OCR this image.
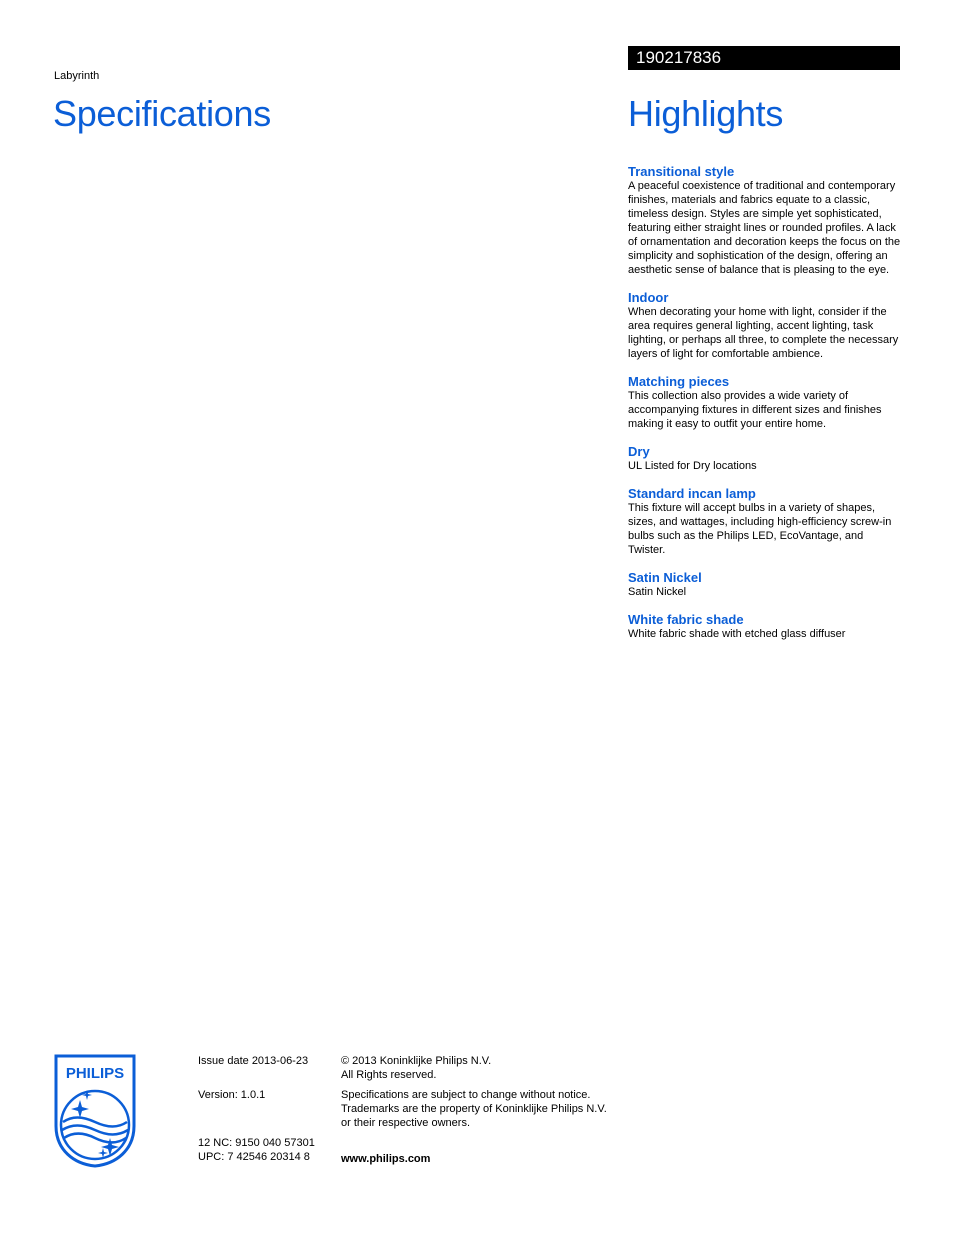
Labyrinth
Specifications
190217836
Highlights
Transitional style
A peaceful coexistence of traditional and contemporary finishes, materials and fabrics equate to a classic, timeless design. Styles are simple yet sophisticated, featuring either straight lines or rounded profiles. A lack of ornamentation and decoration keeps the focus on the simplicity and sophistication of the design, offering an aesthetic sense of balance that is pleasing to the eye.
Indoor
When decorating your home with light, consider if the area requires general lighting, accent lighting, task lighting, or perhaps all three, to complete the necessary layers of light for comfortable ambience.
Matching pieces
This collection also provides a wide variety of accompanying fixtures in different sizes and finishes making it easy to outfit your entire home.
Dry
UL Listed for Dry locations
Standard incan lamp
This fixture will accept bulbs in a variety of shapes, sizes, and wattages, including high-efficiency screw-in bulbs such as the Philips LED, EcoVantage, and Twister.
Satin Nickel
Satin Nickel
White fabric shade
White fabric shade with etched glass diffuser
PHILIPS
Issue date 2013-06-23
Version: 1.0.1
12 NC: 9150 040 57301
UPC: 7 42546 20314 8
© 2013 Koninklijke Philips N.V.
All Rights reserved.
Specifications are subject to change without notice.
Trademarks are the property of Koninklijke Philips N.V.
or their respective owners.
www.philips.com
